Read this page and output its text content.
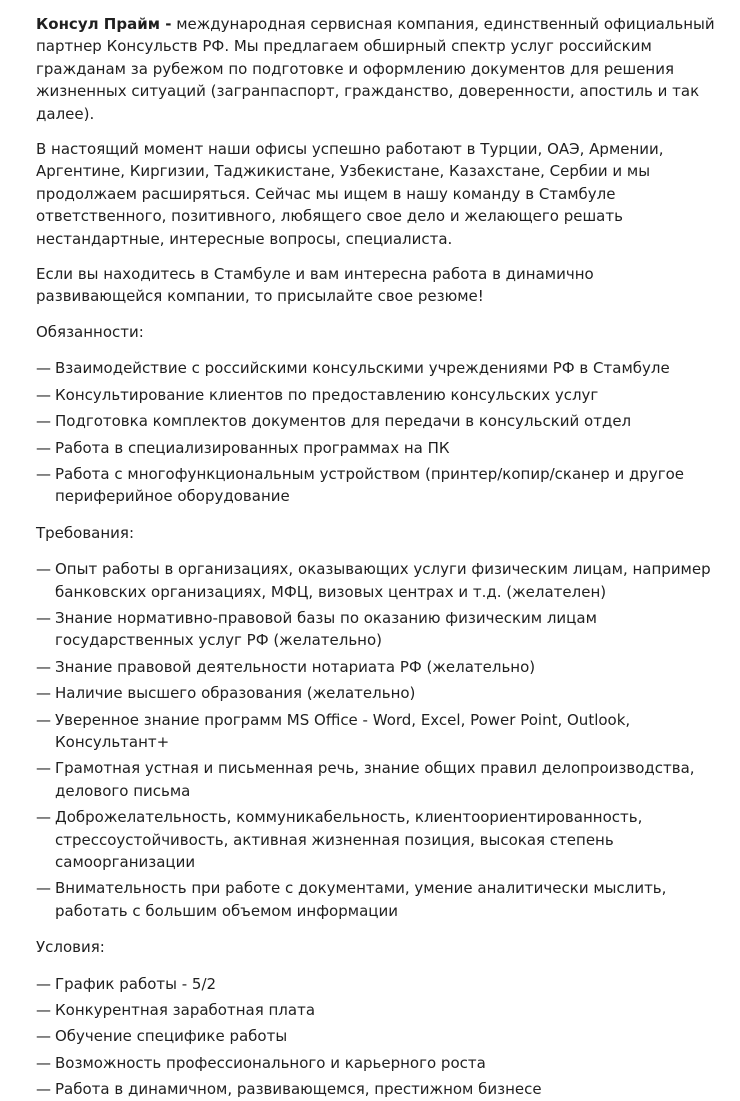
Консул Прайм - международная сервисная компания, единственный официальный партнер Консульств РФ. Мы предлагаем обширный спектр услуг российским гражданам за рубежом по подготовке и оформлению документов для решения жизненных ситуаций (загранпаспорт, гражданство, доверенности, апостиль и так далее).

В настоящий момент наши офисы успешно работают в Турции, ОАЭ, Армении, Аргентине, Киргизии, Таджикистане, Узбекистане, Казахстане, Сербии и мы продолжаем расширяться. Сейчас мы ищем в нашу команду в Стамбуле ответственного, позитивного, любящего свое дело и желающего решать нестандартные, интересные вопросы, специалиста.

Если вы находитесь в Стамбуле и вам интересна работа в динамично развивающейся компании, то присылайте свое резюме!

Обязанности:

— Взаимодействие с российскими консульскими учреждениями РФ в Стамбуле
— Консультирование клиентов по предоставлению консульских услуг
— Подготовка комплектов документов для передачи в консульский отдел
— Работа в специализированных программах на ПК
— Работа с многофункциональным устройством (принтер/копир/сканер и другое периферийное оборудование

Требования:

— Опыт работы в организациях, оказывающих услуги физическим лицам, например банковских организациях, МФЦ, визовых центрах и т.д. (желателен)
— Знание нормативно-правовой базы по оказанию физическим лицам государственных услуг РФ (желательно)
— Знание правовой деятельности нотариата РФ (желательно)
— Наличие высшего образования (желательно)
— Уверенное знание программ MS Office - Word, Excel, Power Point, Outlook, Консультант+
— Грамотная устная и письменная речь, знание общих правил делопроизводства, делового письма
— Доброжелательность, коммуникабельность, клиентоориентированность, стрессоустойчивость, активная жизненная позиция, высокая степень самоорганизации
— Внимательность при работе с документами, умение аналитически мыслить, работать с большим объемом информации

Условия:

— График работы - 5/2
— Конкурентная заработная плата
— Обучение специфике работы
— Возможность профессионального и карьерного роста
— Работа в динамичном, развивающемся, престижном бизнесе
